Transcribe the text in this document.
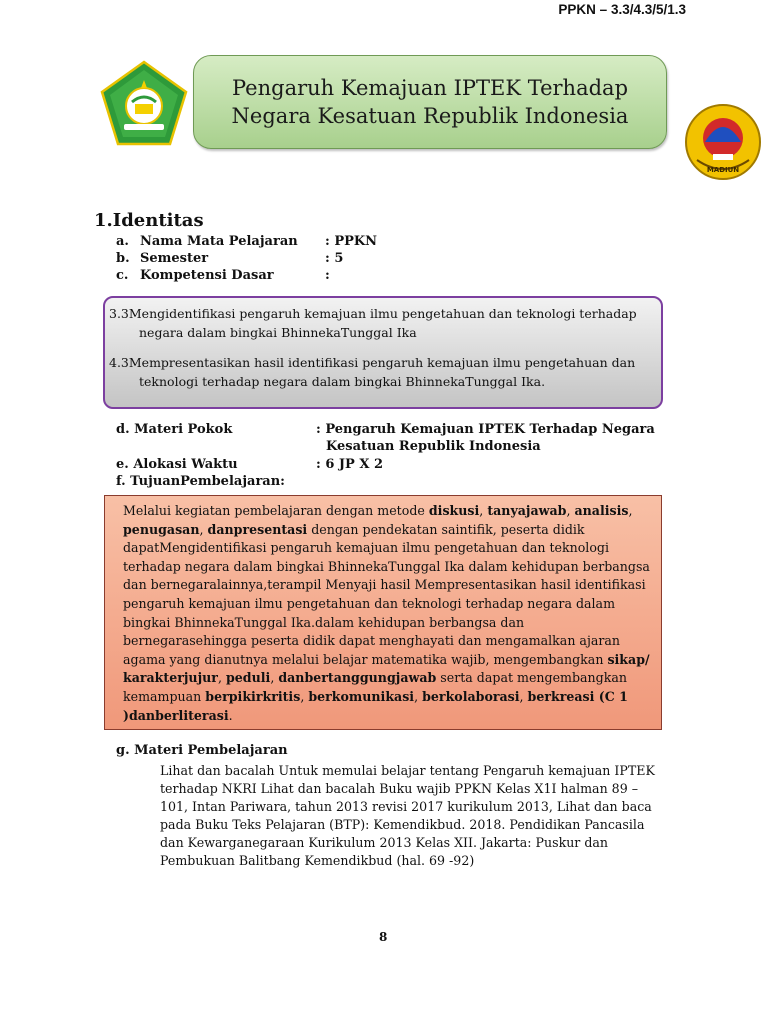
PPKN – 3.3/4.3/5/1.3
MADIUN
Pengaruh Kemajuan IPTEK Terhadap
Negara Kesatuan Republik Indonesia
1.Identitas
a. Nama Mata Pelajaran : PPKN
b. Semester	: 5
c. Kompetensi Dasar	:

3.3Mengidentifikasi pengaruh kemajuan ilmu pengetahuan dan teknologi terhadap
negara dalam bingkai BhinnekaTunggal Ika

4.3Mempresentasikan hasil identifikasi pengaruh kemajuan ilmu pengetahuan dan
teknologi terhadap negara dalam bingkai BhinnekaTunggal Ika.

d. Materi Pokok	: Pengaruh Kemajuan IPTEK Terhadap Negara
Kesatuan Republik Indonesia
e. Alokasi Waktu	: 6 JP X 2
f. TujuanPembelajaran:
Melalui kegiatan pembelajaran dengan metode diskusi, tanyajawab, analisis, penugasan, danpresentasi dengan pendekatan saintifik, peserta didik dapatMengidentifikasi pengaruh kemajuan ilmu pengetahuan dan teknologi terhadap negara dalam bingkai BhinnekaTunggal Ika dalam kehidupan berbangsa dan bernegaralainnya,terampil Menyaji hasil Mempresentasikan hasil identifikasi pengaruh kemajuan ilmu pengetahuan dan teknologi terhadap negara dalam bingkai BhinnekaTunggal Ika.dalam kehidupan berbangsa dan bernegarasehingga peserta didik dapat menghayati dan mengamalkan ajaran agama yang dianutnya melalui belajar matematika wajib, mengembangkan sikap/ karakterjujur, peduli, danbertanggungjawab serta dapat mengembangkan kemampuan berpikirkritis, berkomunikasi, berkolaborasi, berkreasi (C 1 )danberliterasi.
g. Materi Pembelajaran
Lihat dan bacalah Untuk memulai belajar tentang Pengaruh kemajuan IPTEK terhadap NKRI Lihat dan bacalah Buku wajib PPKN Kelas X1I halman 89 – 101, Intan Pariwara, tahun 2013 revisi 2017 kurikulum 2013, Lihat dan baca pada Buku Teks Pelajaran (BTP): Kemendikbud. 2018. Pendidikan Pancasila dan Kewarganegaraan Kurikulum 2013 Kelas XII. Jakarta: Puskur dan Pembukuan Balitbang Kemendikbud (hal. 69 -92)
8
